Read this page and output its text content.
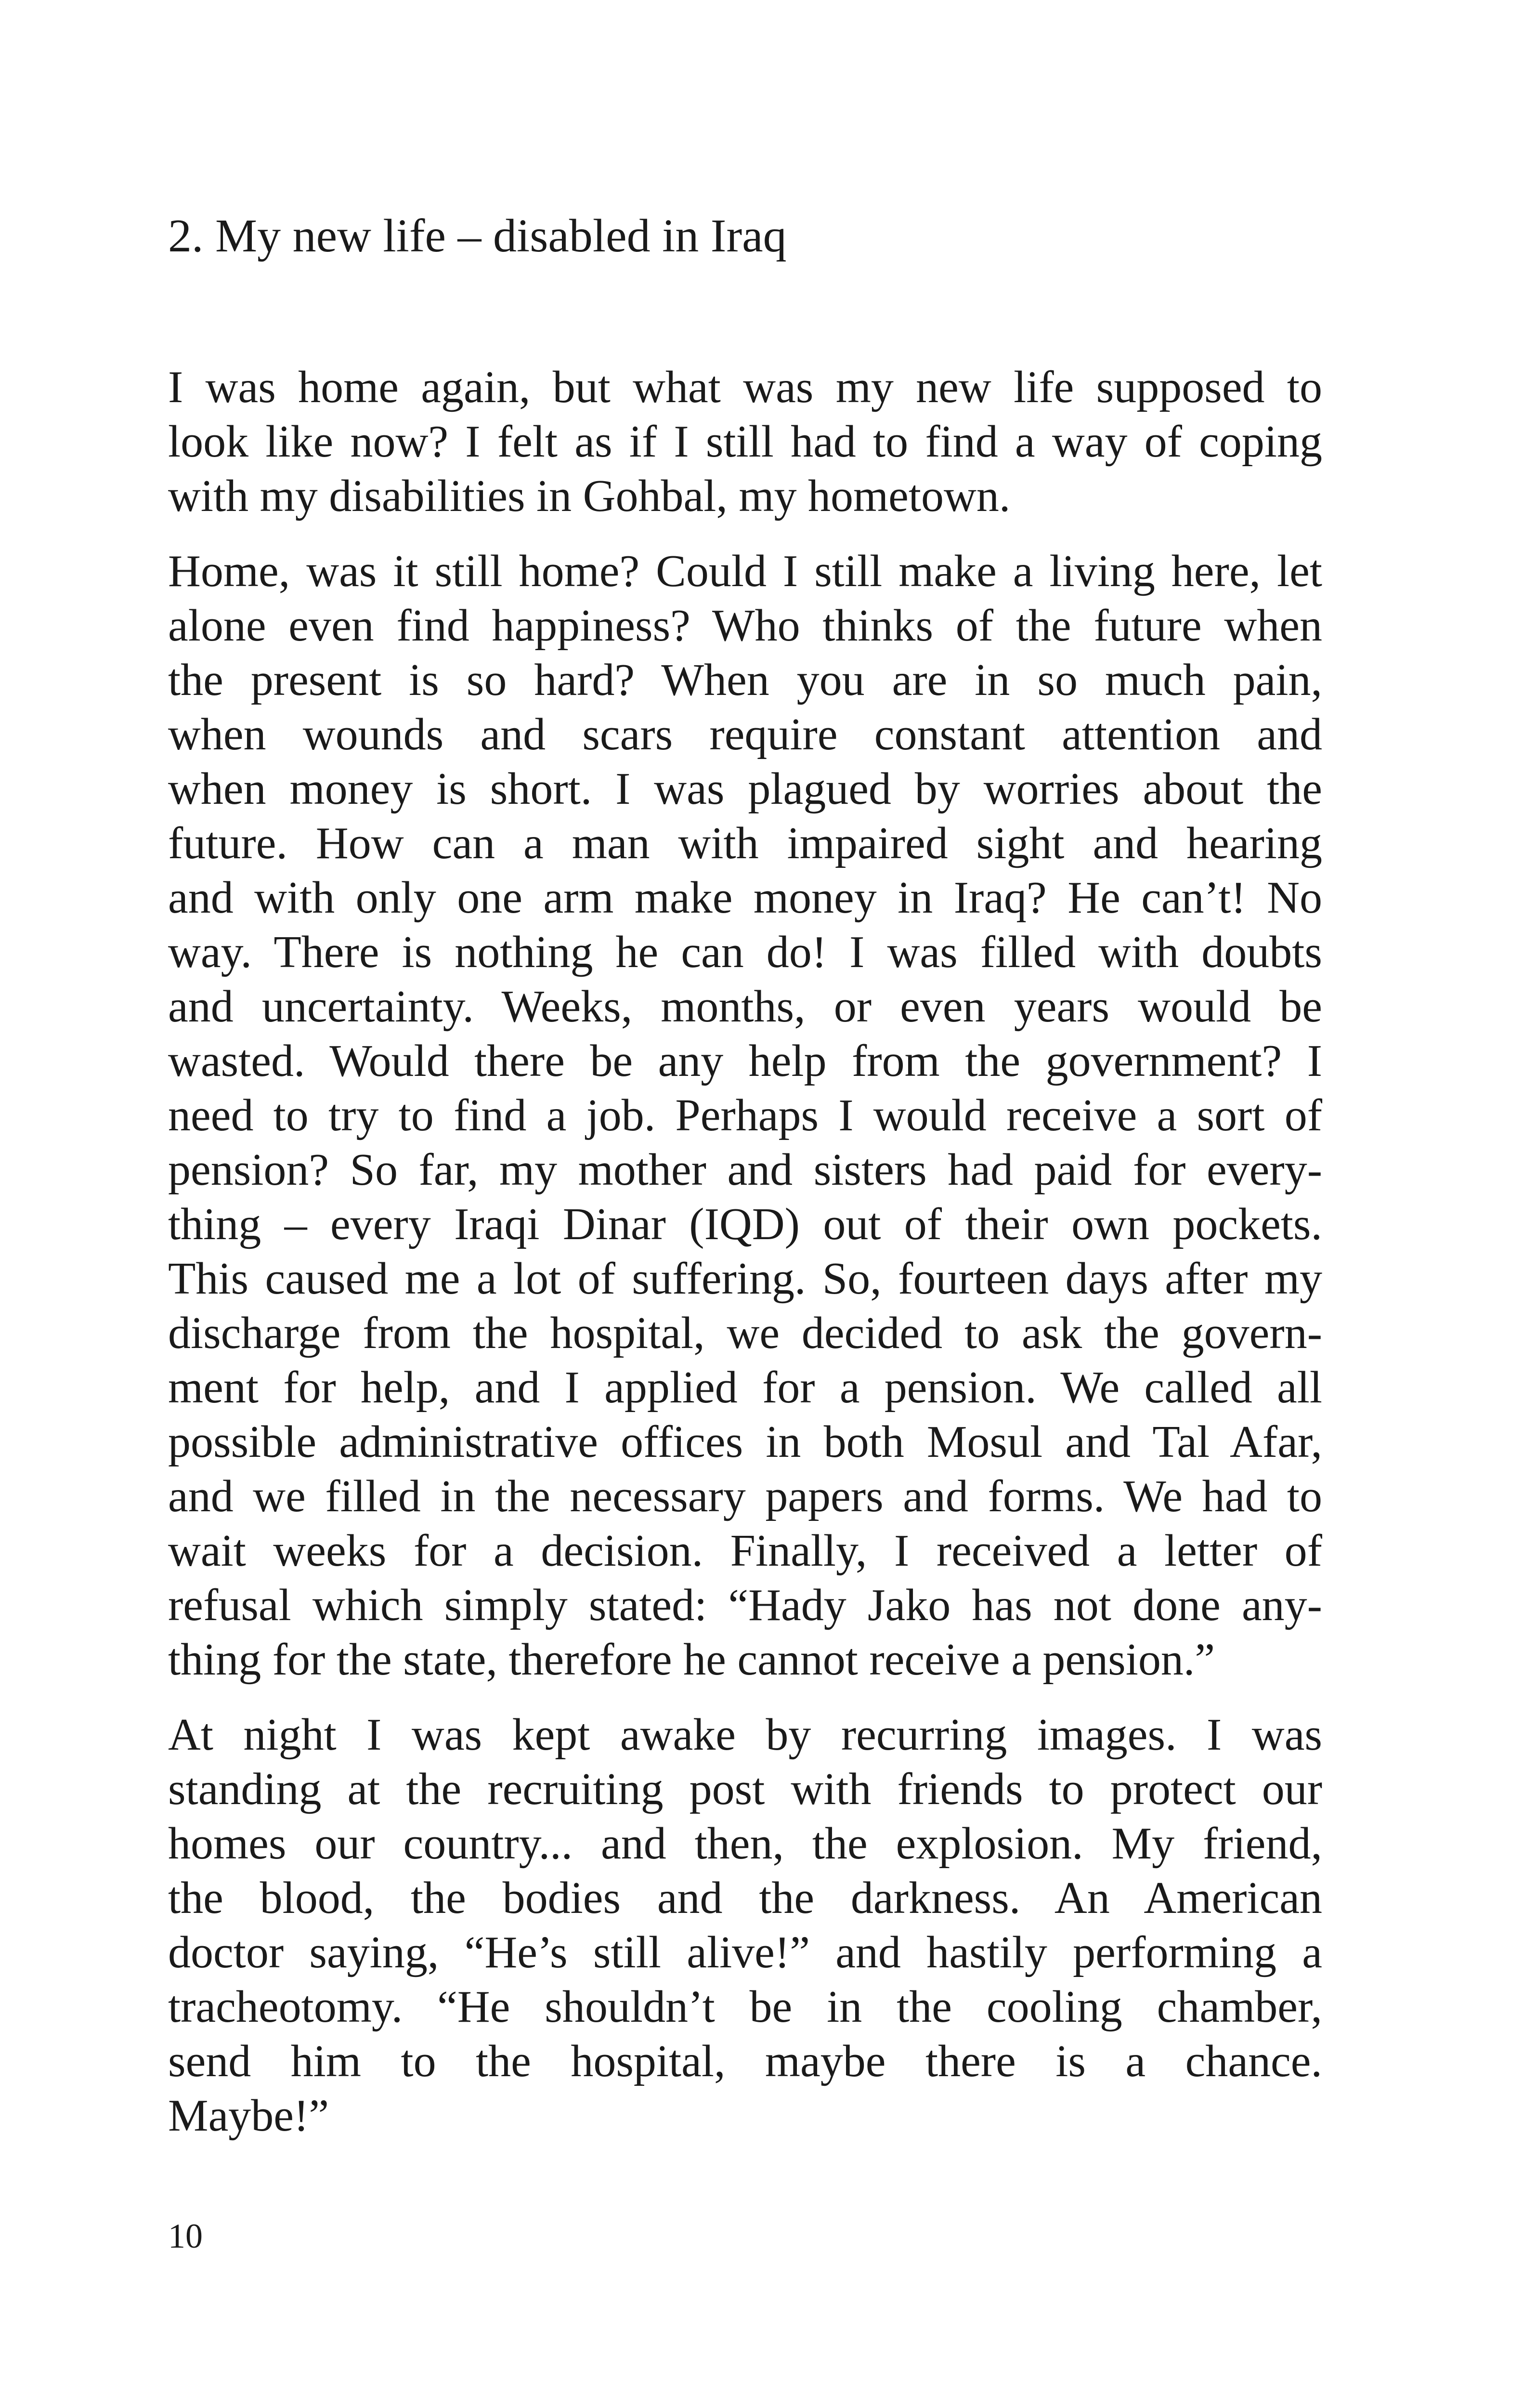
2. My new life – disabled in Iraq

I was home again, but what was my new life supposed to
look like now? I felt as if I still had to find a way of coping
with my disabilities in Gohbal, my hometown.

Home, was it still home? Could I still make a living here, let
alone even find happiness? Who thinks of the future when
the present is so hard? When you are in so much pain,
when wounds and scars require constant attention and
when money is short. I was plagued by worries about the
future. How can a man with impaired sight and hearing
and with only one arm make money in Iraq? He can’t! No
way. There is nothing he can do! I was filled with doubts
and uncertainty. Weeks, months, or even years would be
wasted. Would there be any help from the government? I
need to try to find a job. Perhaps I would receive a sort of
pension? So far, my mother and sisters had paid for every-
thing – every Iraqi Dinar (IQD) out of their own pockets.
This caused me a lot of suffering. So, fourteen days after my
discharge from the hospital, we decided to ask the govern-
ment for help, and I applied for a pension. We called all
possible administrative offices in both Mosul and Tal Afar,
and we filled in the necessary papers and forms. We had to
wait weeks for a decision. Finally, I received a letter of
refusal which simply stated: “Hady Jako has not done any-
thing for the state, therefore he cannot receive a pension.”

At night I was kept awake by recurring images. I was
standing at the recruiting post with friends to protect our
homes our country... and then, the explosion. My friend,
the blood, the bodies and the darkness. An American
doctor saying, “He’s still alive!” and hastily performing a
tracheotomy. “He shouldn’t be in the cooling chamber,
send him to the hospital, maybe there is a chance.
Maybe!”

10
